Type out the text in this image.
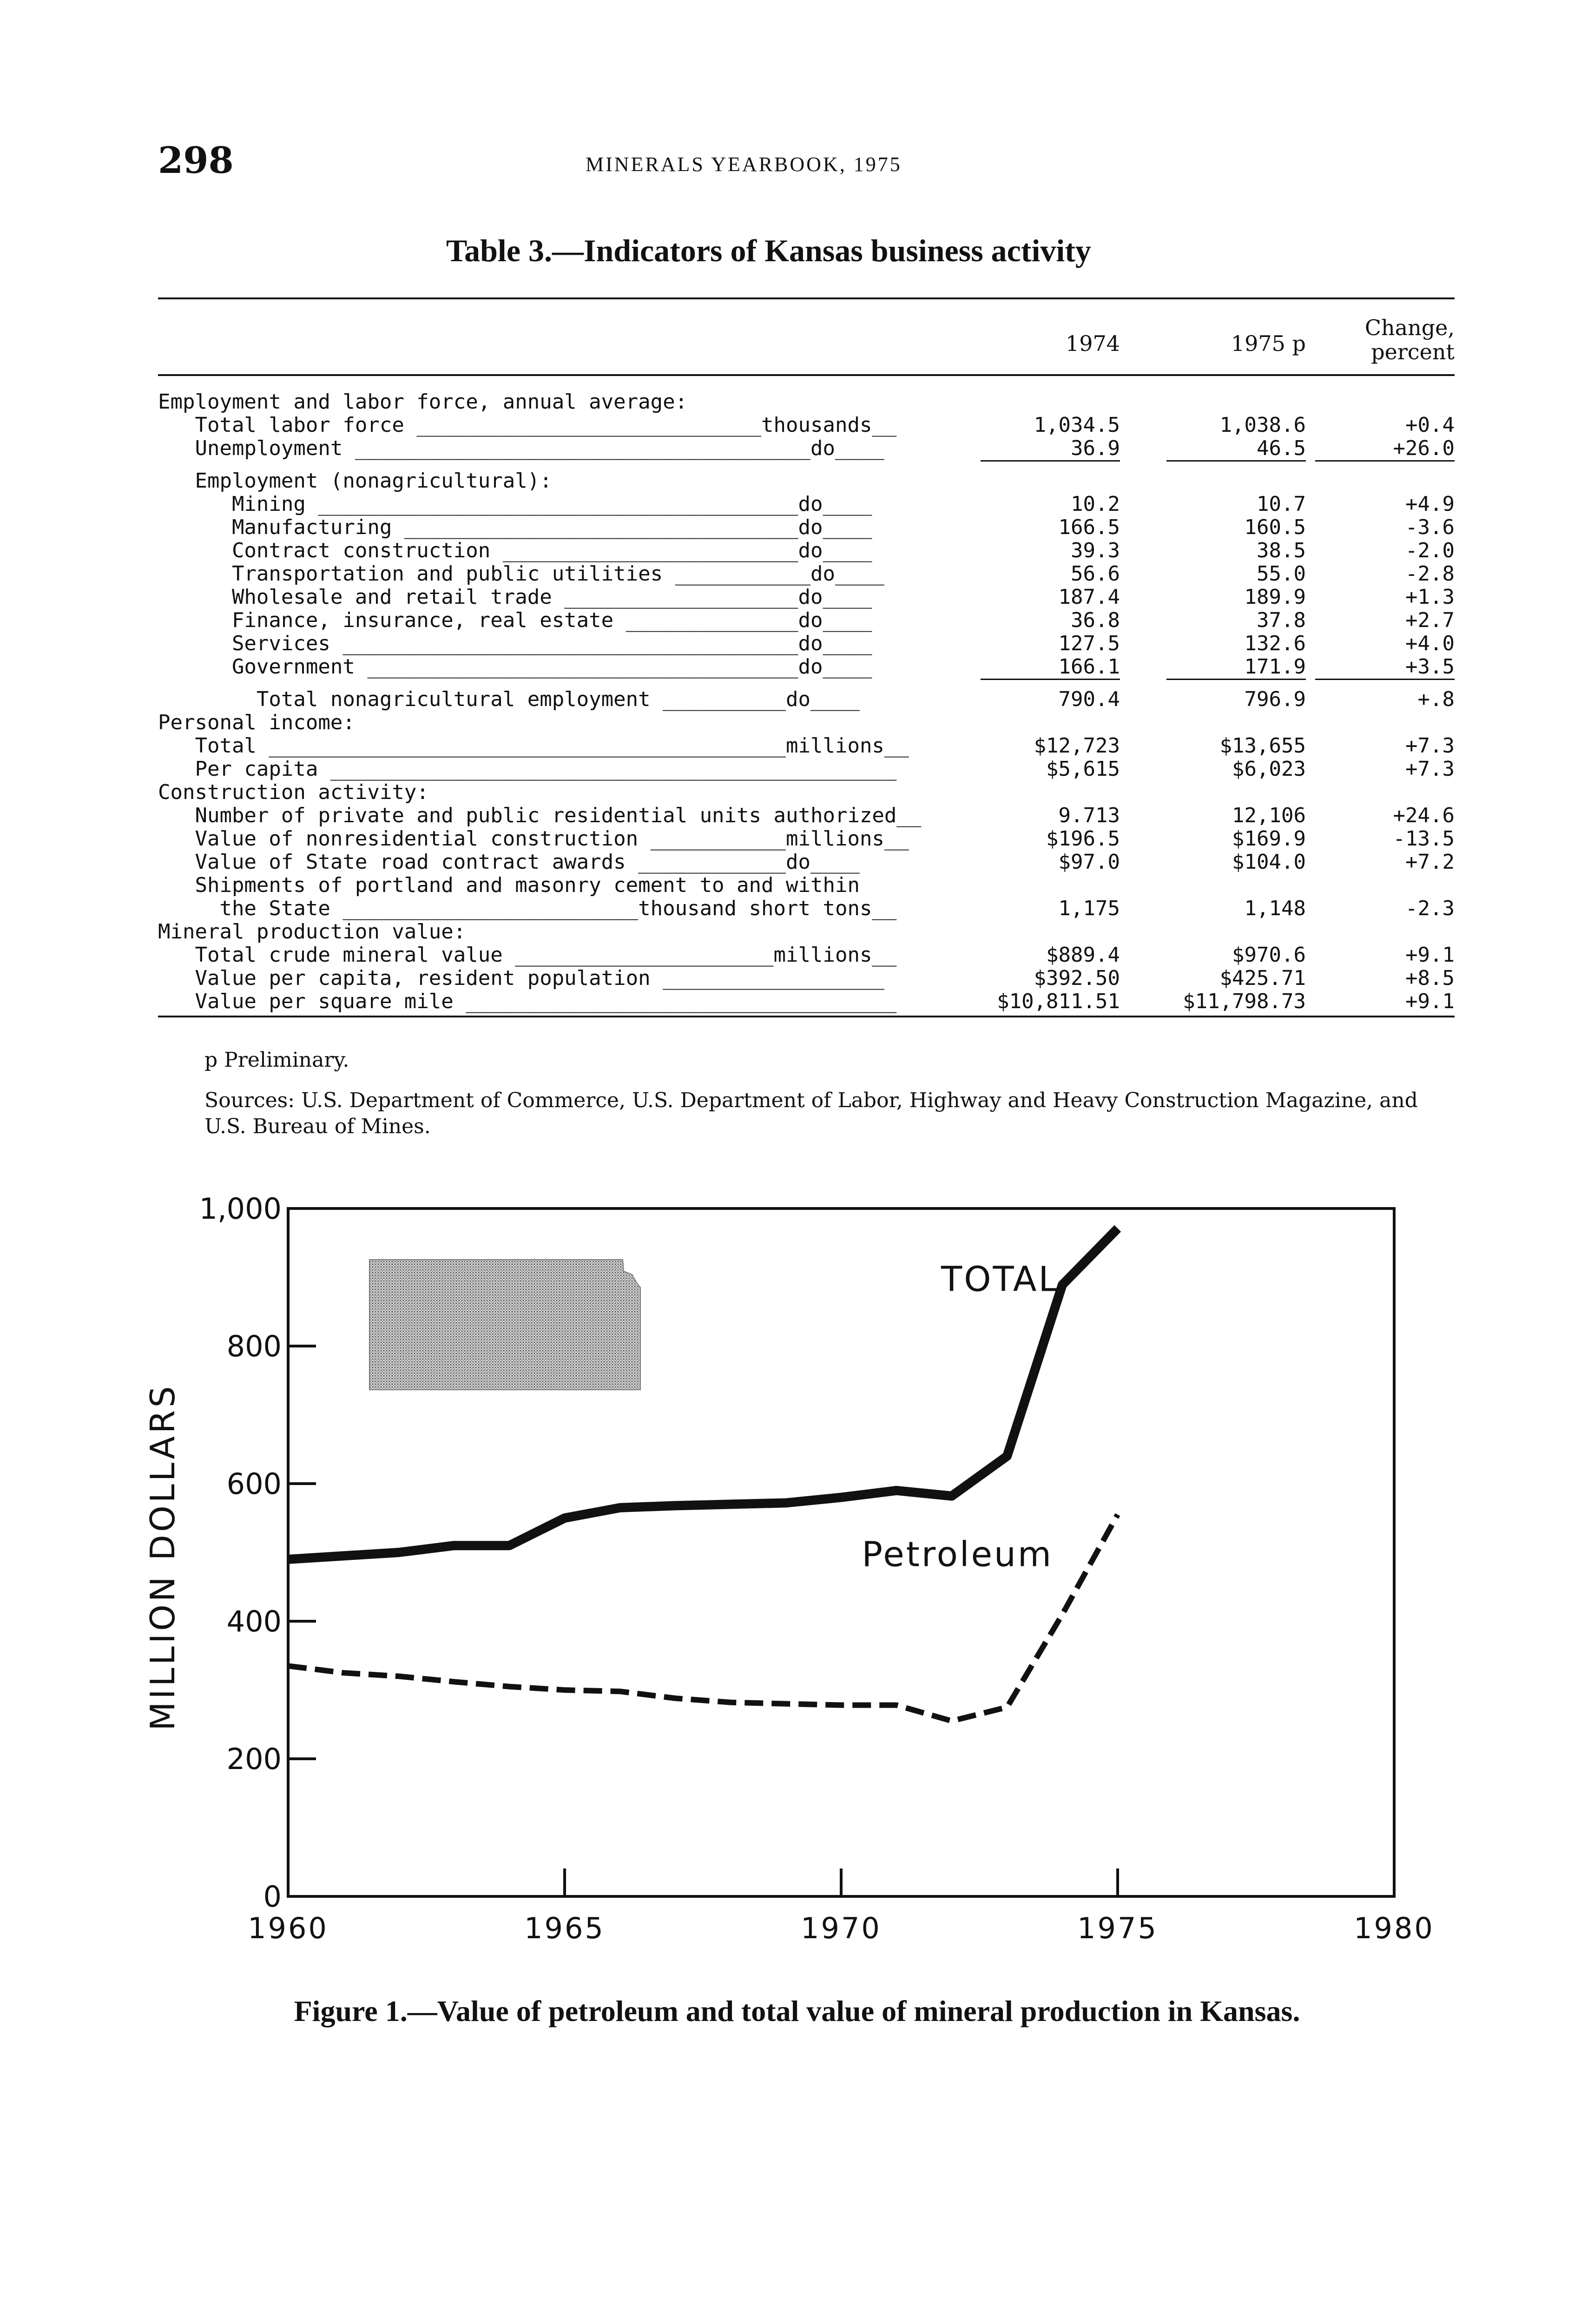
298	MINERALS YEARBOOK, 1975
Table 3.—Indicators of Kansas business activity
1974	1975 p
Change,
percent
Employment and labor force, annual average:
Total labor force ____________________________thousands__	1,034.5	1,038.6	+0.4
Unemployment _____________________________________do____	36.9	46.5	+26.0
Employment (nonagricultural):
Mining _______________________________________do____	10.2	10.7	+4.9
Manufacturing ________________________________do____	166.5	160.5	-3.6
Contract construction ________________________do____	39.3	38.5	-2.0
Transportation and public utilities ___________do____	56.6	55.0	-2.8
Wholesale and retail trade ___________________do____	187.4	189.9	+1.3
Finance, insurance, real estate ______________do____	36.8	37.8	+2.7
Services _____________________________________do____	127.5	132.6	+4.0
Government ___________________________________do____	166.1	171.9	+3.5
Total nonagricultural employment __________do____	790.4	796.9	+.8
Personal income:
Total __________________________________________millions__	$12,723	$13,655	+7.3
Per capita ______________________________________________	$5,615	$6,023	+7.3
Construction activity:
Number of private and public residential units authorized__	9.713	12,106	+24.6
Value of nonresidential construction ___________millions__	$196.5	$169.9	-13.5
Value of State road contract awards ____________do____	$97.0	$104.0	+7.2
Shipments of portland and masonry cement to and within
the State ________________________thousand short tons__	1,175	1,148	-2.3
Mineral production value:
Total crude mineral value _____________________millions__	$889.4	$970.6	+9.1
Value per capita, resident population __________________	$392.50	$425.71	+8.5
Value per square mile ___________________________________	$10,811.51	$11,798.73	+9.1
p Preliminary.
Sources: U.S. Department of Commerce, U.S. Department of Labor, Highway and Heavy Construction Magazine, and U.S. Bureau of Mines.
0
200
400
600
800
1,000
1960	1965	1970	1975	1980
TOTAL
Petroleum
MILLION DOLLARS
Figure 1.—Value of petroleum and total value of mineral production in Kansas.
